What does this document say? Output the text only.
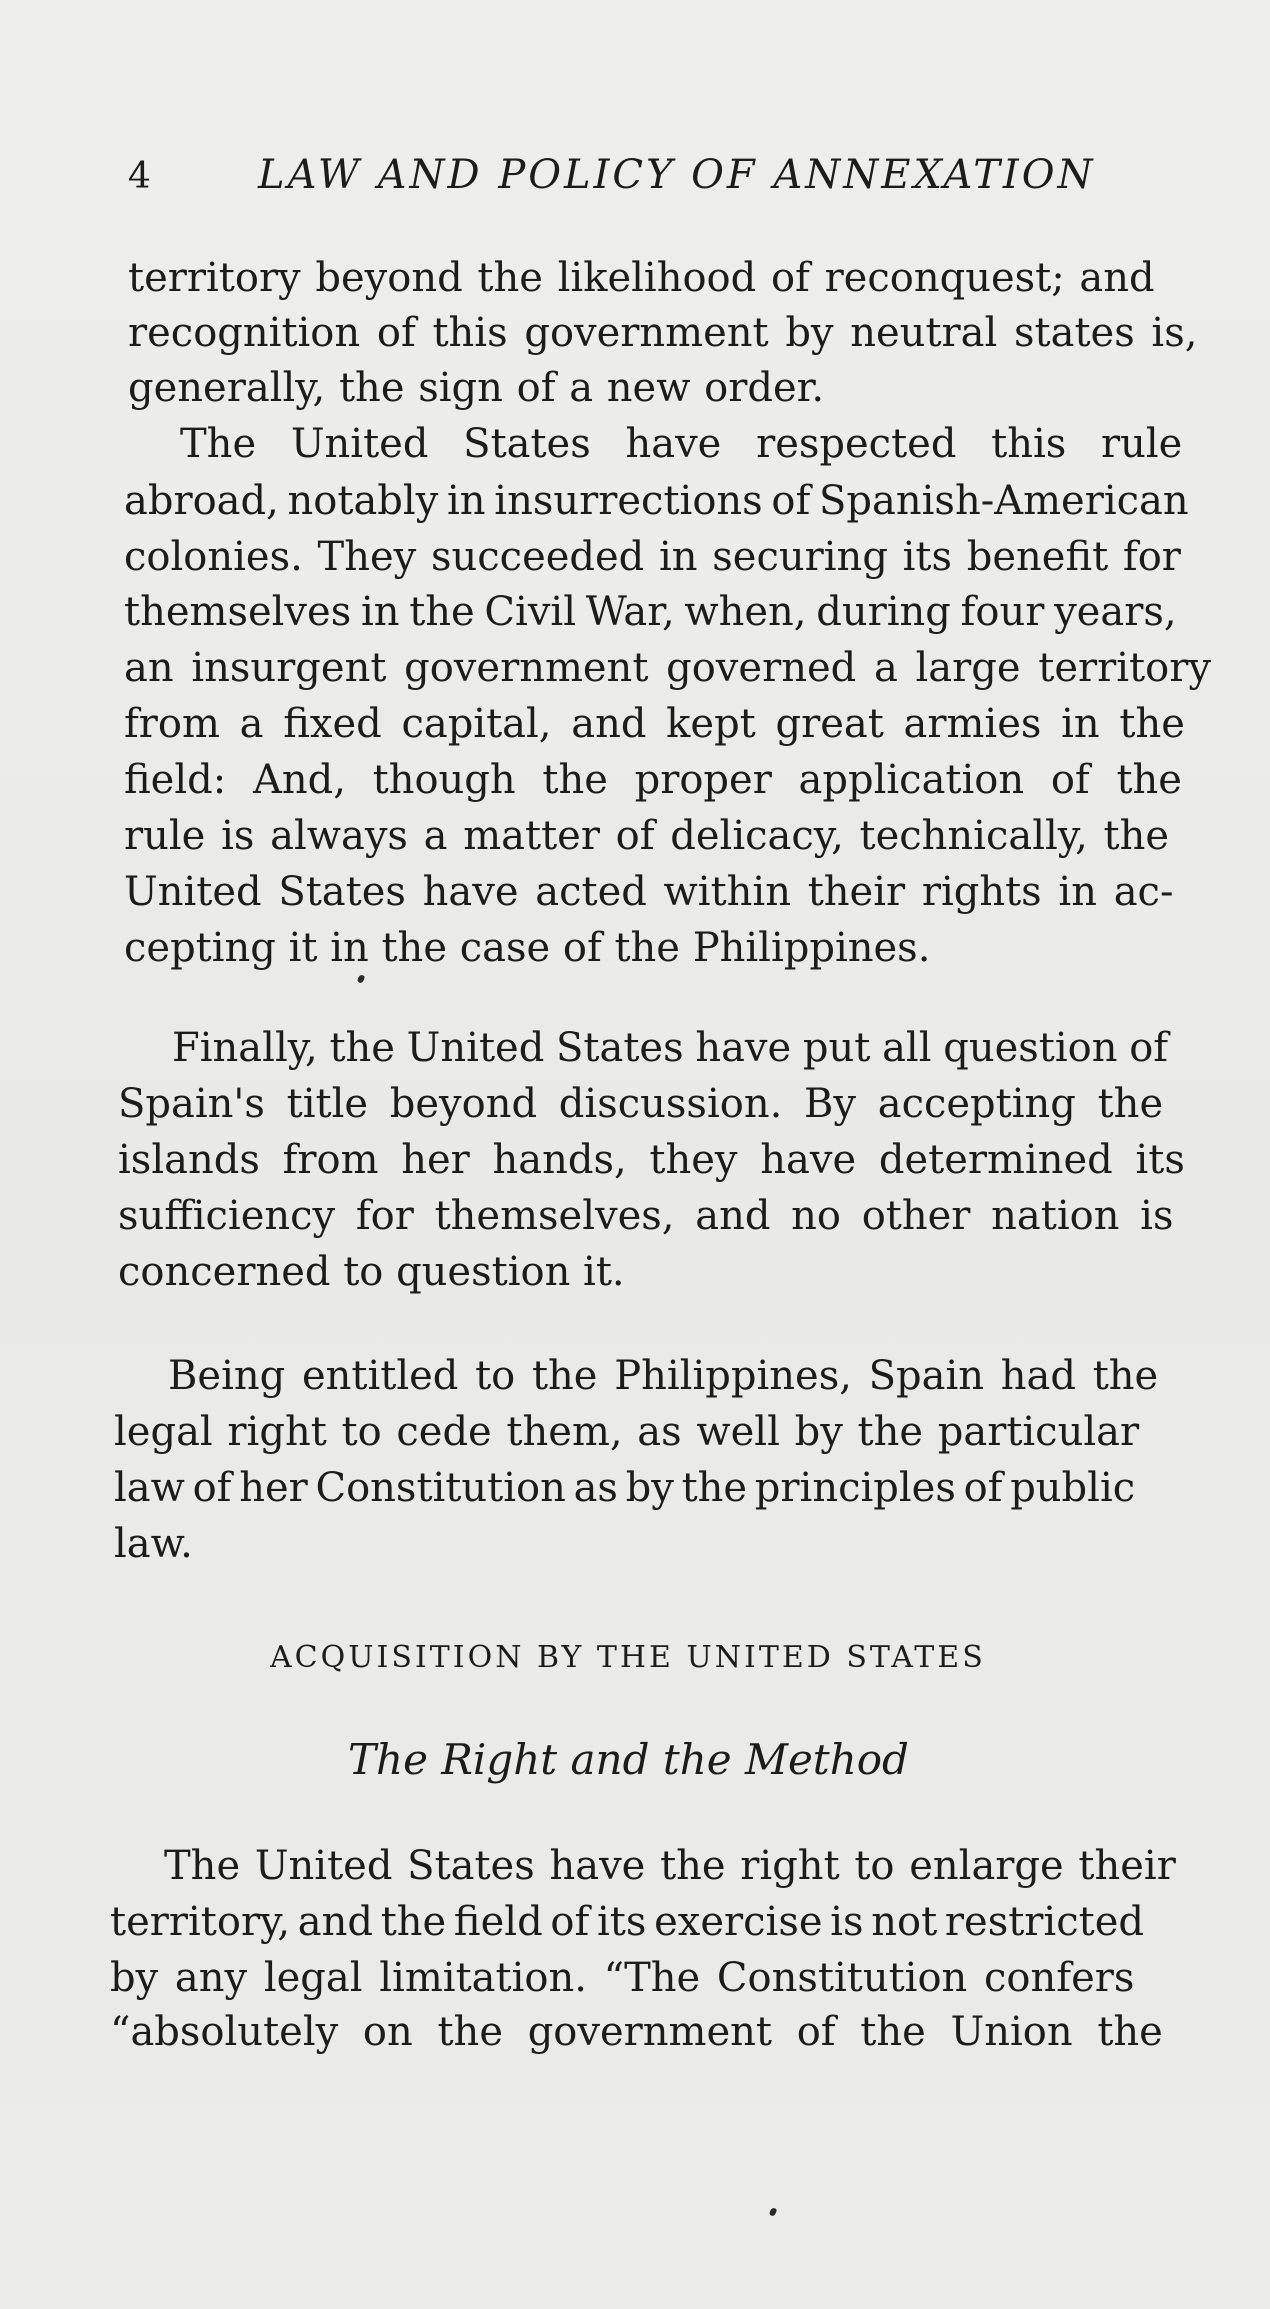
4	LAW AND POLICY OF ANNEXATION
territory beyond the likelihood of reconquest; and
recognition of this government by neutral states is,
generally, the sign of a new order.
The United States have respected this rule
abroad, notably in insurrections of Spanish-American
colonies. They succeeded in securing its benefit for
themselves in the Civil War, when, during four years,
an insurgent government governed a large territory
from a fixed capital, and kept great armies in the
field: And, though the proper application of the
rule is always a matter of delicacy, technically, the
United States have acted within their rights in ac-
cepting it in the case of the Philippines.
Finally, the United States have put all question of
Spain's title beyond discussion. By accepting the
islands from her hands, they have determined its
sufficiency for themselves, and no other nation is
concerned to question it.
Being entitled to the Philippines, Spain had the
legal right to cede them, as well by the particular
law of her Constitution as by the principles of public
law.
ACQUISITION BY THE UNITED STATES
The Right and the Method
The United States have the right to enlarge their
territory, and the field of its exercise is not restricted
by any legal limitation. “The Constitution confers
“absolutely on the government of the Union the
